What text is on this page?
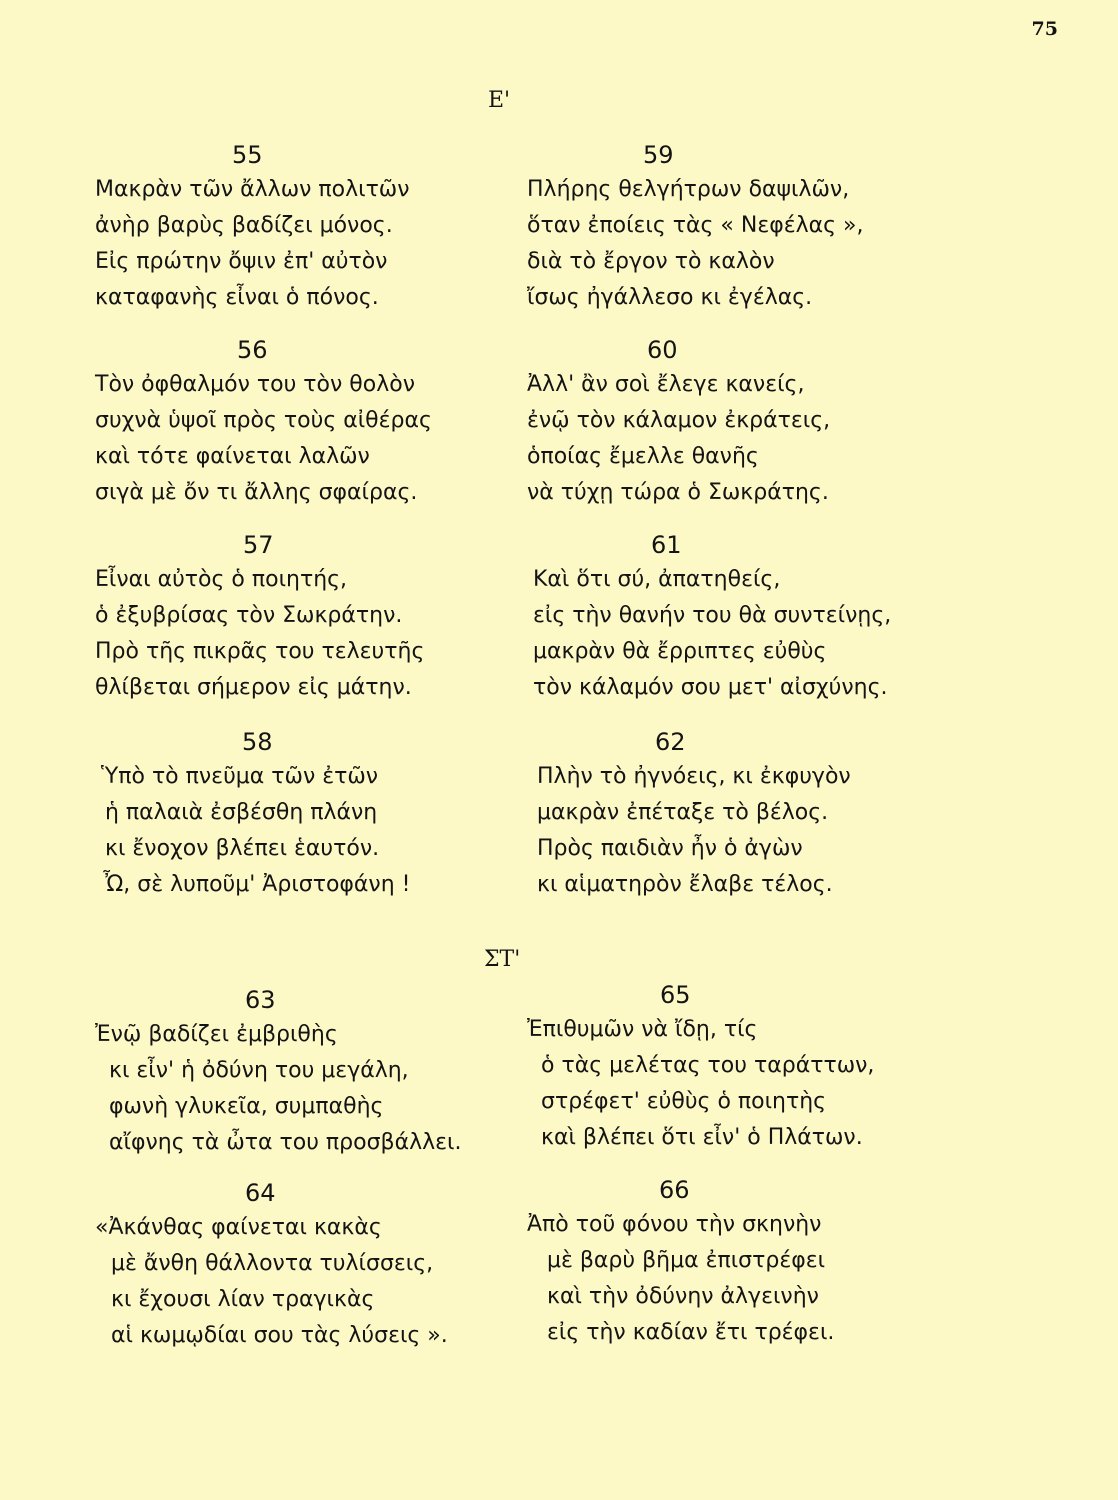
75
Ε'
55
Μακρὰν τῶν ἄλλων πολιτῶν
ἀνὴρ βαρὺς βαδίζει μόνος.
Εἰς πρώτην ὄψιν ἐπ' αὐτὸν
καταφανὴς εἶναι ὁ πόνος.
56
Τὸν ὀφθαλμόν του τὸν θολὸν
συχνὰ ὑψοῖ πρὸς τοὺς αἰθέρας
καὶ τότε φαίνεται λαλῶν
σιγὰ μὲ ὄν τι ἄλλης σφαίρας.
57
Εἶναι αὐτὸς ὁ ποιητής,
ὁ ἐξυβρίσας τὸν Σωκράτην.
Πρὸ τῆς πικρᾶς του τελευτῆς
θλίβεται σήμερον εἰς μάτην.
58
Ὑπὸ τὸ πνεῦμα τῶν ἐτῶν
ἡ παλαιὰ ἐσβέσθη πλάνη
κι ἔνοχον βλέπει ἑαυτόν.
Ὦ, σὲ λυποῦμ' Ἀριστοφάνη !
59
Πλήρης θελγήτρων δαψιλῶν,
ὅταν ἐποίεις τὰς « Νεφέλας »,
διὰ τὸ ἔργον τὸ καλὸν
ἴσως ἠγάλλεσο κι ἐγέλας.
60
Ἀλλ' ἂν σοὶ ἔλεγε κανείς,
ἐνῷ τὸν κάλαμον ἐκράτεις,
ὁποίας ἔμελλε θανῆς
νὰ τύχῃ τώρα ὁ Σωκράτης.
61
Καὶ ὅτι σύ, ἀπατηθείς,
εἰς τὴν θανήν του θὰ συντείνῃς,
μακρὰν θὰ ἔρριπτες εὐθὺς
τὸν κάλαμόν σου μετ' αἰσχύνης.
62
Πλὴν τὸ ἠγνόεις, κι ἐκφυγὸν
μακρὰν ἐπέταξε τὸ βέλος.
Πρὸς παιδιὰν ἦν ὁ ἀγὼν
κι αἱματηρὸν ἔλαβε τέλος.
ΣΤ'
63
Ἐνῷ βαδίζει ἐμβριθὴς
κι εἶν' ἡ ὀδύνη του μεγάλη,
φωνὴ γλυκεῖα, συμπαθὴς
αἴφνης τὰ ὦτα του προσβάλλει.
64
«Ἀκάνθας φαίνεται κακὰς
μὲ ἄνθη θάλλοντα τυλίσσεις,
κι ἔχουσι λίαν τραγικὰς
αἱ κωμῳδίαι σου τὰς λύσεις ».
65
Ἐπιθυμῶν νὰ ἴδῃ, τίς
ὁ τὰς μελέτας του ταράττων,
στρέφετ' εὐθὺς ὁ ποιητὴς
καὶ βλέπει ὅτι εἶν' ὁ Πλάτων.
66
Ἀπὸ τοῦ φόνου τὴν σκηνὴν
μὲ βαρὺ βῆμα ἐπιστρέφει
καὶ τὴν ὀδύνην ἀλγεινὴν
εἰς τὴν καδίαν ἔτι τρέφει.
